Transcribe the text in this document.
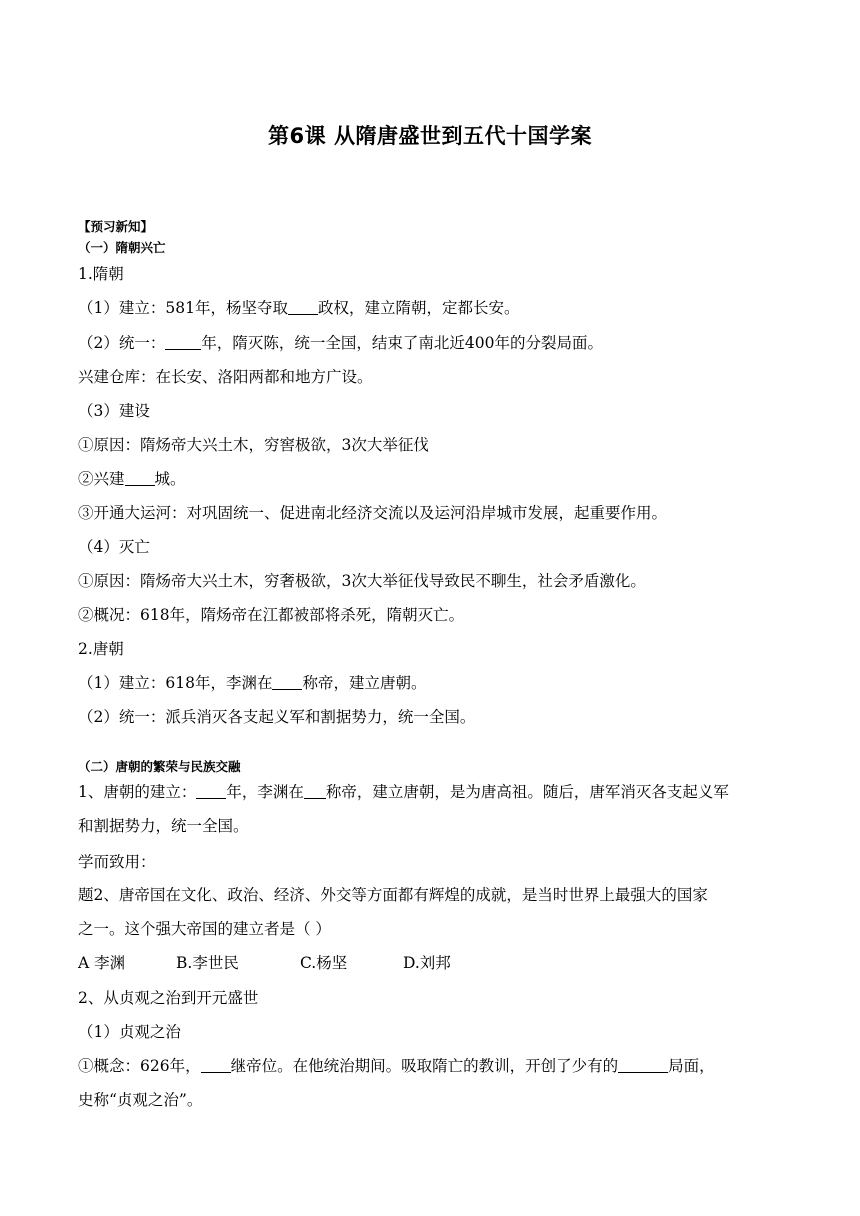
第6课 从隋唐盛世到五代十国学案
【预习新知】
（一）隋朝兴亡
1.隋朝
（1）建立：581年，杨坚夺取 政权，建立隋朝，定都长安。
（2）统一： 年，隋灭陈，统一全国，结束了南北近400年的分裂局面。
兴建仓库：在长安、洛阳两都和地方广设。
（3）建设
①原因：隋炀帝大兴土木，穷窖极欲，3次大举征伐
②兴建 城。
③开通大运河：对巩固统一、促进南北经济交流以及运河沿岸城市发展，起重要作用。
（4）灭亡
①原因：隋炀帝大兴土木，穷奢极欲，3次大举征伐导致民不聊生，社会矛盾激化。
②概况：618年，隋炀帝在江都被部将杀死，隋朝灭亡。
2.唐朝
（1）建立：618年，李渊在 称帝，建立唐朝。
（2）统一：派兵消灭各支起义军和割据势力，统一全国。
（二）唐朝的繁荣与民族交融
1、唐朝的建立： 年，李渊在 称帝，建立唐朝，是为唐高祖。随后，唐军消灭各支起义军
和割据势力，统一全国。
学而致用：
题2、唐帝国在文化、政治、经济、外交等方面都有辉煌的成就，是当时世界上最强大的国家
之一。这个强大帝国的建立者是（ ）
A 李渊	B.李世民	C.杨坚	D.刘邦
2、从贞观之治到开元盛世
（1）贞观之治
①概念：626年， 继帝位。在他统治期间。吸取隋亡的教训，开创了少有的	局面，
史称“贞观之治”。
